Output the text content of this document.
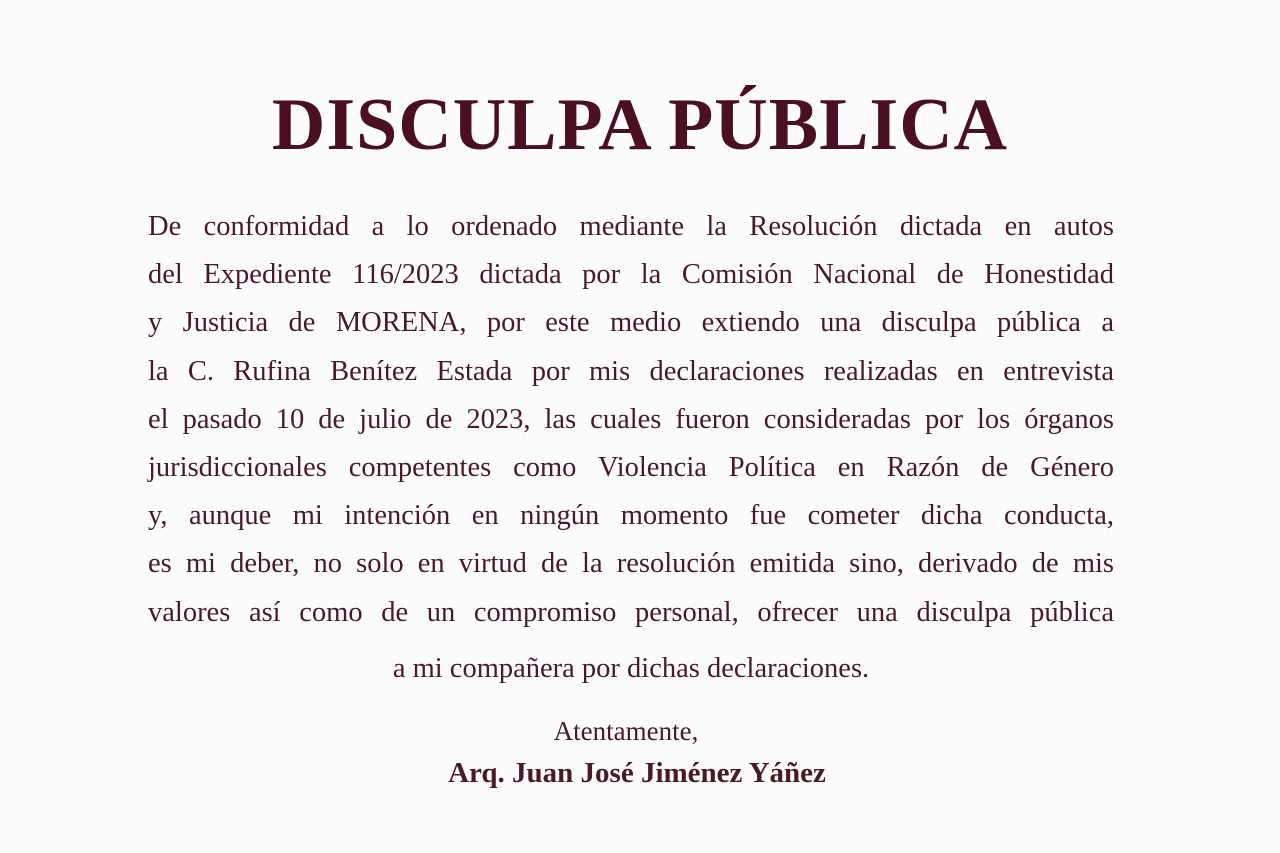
DISCULPA PÚBLICA
De conformidad a lo ordenado mediante la Resolución dictada en autos
del Expediente 116/2023 dictada por la Comisión Nacional de Honestidad
y Justicia de MORENA, por este medio extiendo una disculpa pública a
la C. Rufina Benítez Estada por mis declaraciones realizadas en entrevista
el pasado 10 de julio de 2023, las cuales fueron consideradas por los órganos
jurisdiccionales competentes como Violencia Política en Razón de Género
y, aunque mi intención en ningún momento fue cometer dicha conducta,
es mi deber, no solo en virtud de la resolución emitida sino, derivado de mis
valores así como de un compromiso personal, ofrecer una disculpa pública
a mi compañera por dichas declaraciones.

Atentamente,

Arq. Juan José Jiménez Yáñez
